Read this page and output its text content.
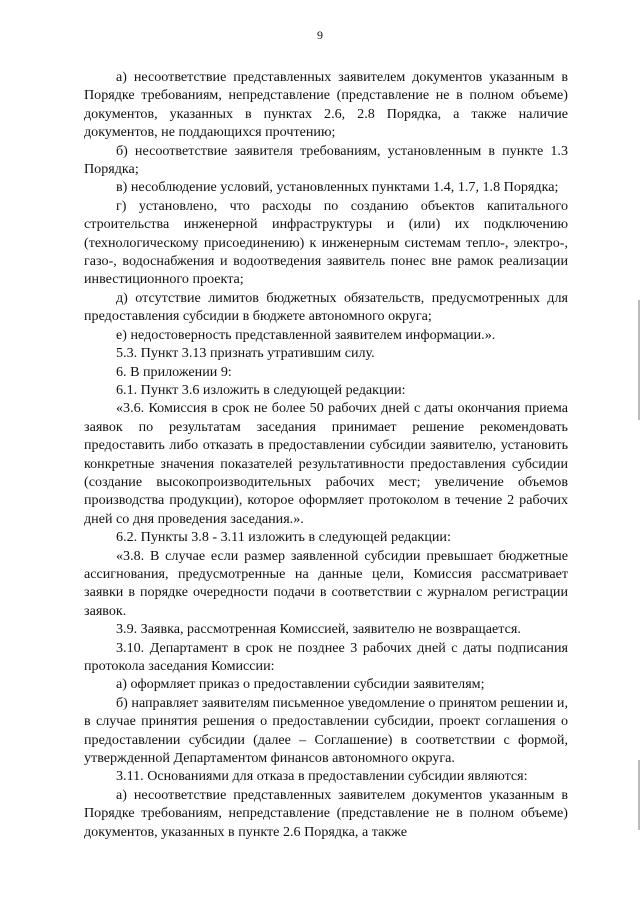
9

а) несоответствие представленных заявителем документов указанным в Порядке требованиям, непредставление (представление не в полном объеме) документов, указанных в пунктах 2.6, 2.8 Порядка, а также наличие документов, не поддающихся прочтению;

б) несоответствие заявителя требованиям, установленным в пункте 1.3 Порядка;

в) несоблюдение условий, установленных пунктами 1.4, 1.7, 1.8 Порядка;

г) установлено, что расходы по созданию объектов капитального строительства инженерной инфраструктуры и (или) их подключению (технологическому присоединению) к инженерным системам тепло-, электро-, газо-, водоснабжения и водоотведения заявитель понес вне рамок реализации инвестиционного проекта;

д) отсутствие лимитов бюджетных обязательств, предусмотренных для предоставления субсидии в бюджете автономного округа;

е) недостоверность представленной заявителем информации.».

5.3. Пункт 3.13 признать утратившим силу.

6. В приложении 9:

6.1. Пункт 3.6 изложить в следующей редакции:

«3.6. Комиссия в срок не более 50 рабочих дней с даты окончания приема заявок по результатам заседания принимает решение рекомендовать предоставить либо отказать в предоставлении субсидии заявителю, установить конкретные значения показателей результативности предоставления субсидии (создание высокопроизводительных рабочих мест; увеличение объемов производства продукции), которое оформляет протоколом в течение 2 рабочих дней со дня проведения заседания.».

6.2. Пункты 3.8 - 3.11 изложить в следующей редакции:

«3.8. В случае если размер заявленной субсидии превышает бюджетные ассигнования, предусмотренные на данные цели, Комиссия рассматривает заявки в порядке очередности подачи в соответствии с журналом регистрации заявок.

3.9. Заявка, рассмотренная Комиссией, заявителю не возвращается.

3.10. Департамент в срок не позднее 3 рабочих дней с даты подписания протокола заседания Комиссии:

а) оформляет приказ о предоставлении субсидии заявителям;

б) направляет заявителям письменное уведомление о принятом решении и, в случае принятия решения о предоставлении субсидии, проект соглашения о предоставлении субсидии (далее – Соглашение) в соответствии с формой, утвержденной Департаментом финансов автономного округа.

3.11. Основаниями для отказа в предоставлении субсидии являются:

а) несоответствие представленных заявителем документов указанным в Порядке требованиям, непредставление (представление не в полном объеме) документов, указанных в пункте 2.6 Порядка, а также
